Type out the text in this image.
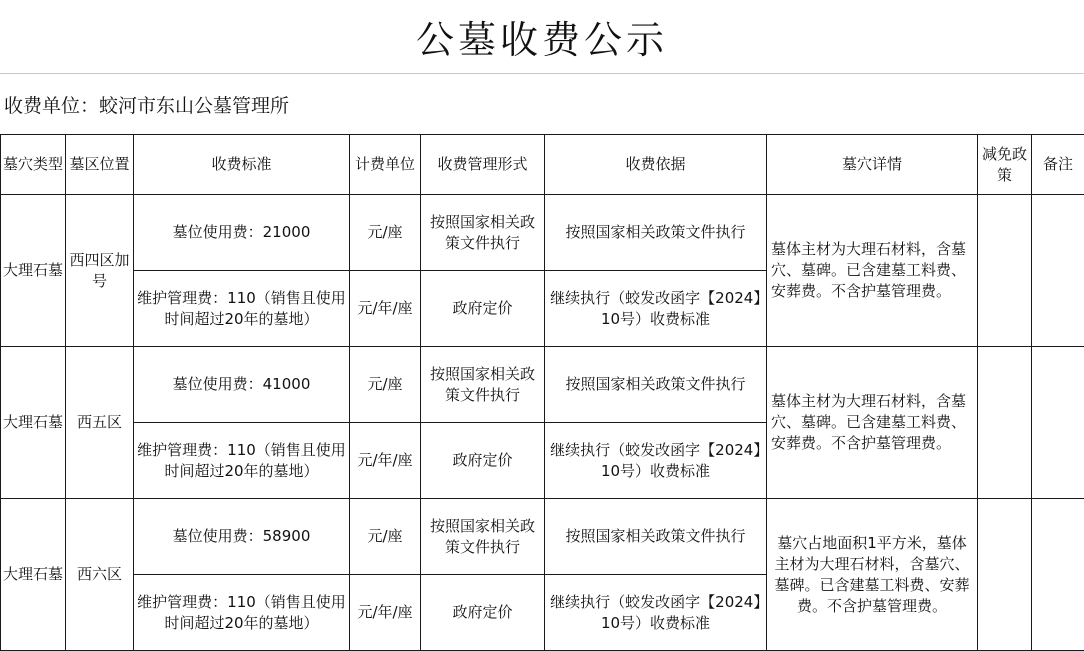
公墓收费公示
收费单位：蛟河市东山公墓管理所
墓穴类型	墓区位置	收费标准	计费单位	收费管理形式	收费依据	墓穴详情	减免政策	备注
大理石墓	西四区加号	墓位使用费：21000	元/座	按照国家相关政策文件执行	按照国家相关政策文件执行	墓体主材为大理石材料，含墓穴、墓碑。已含建墓工料费、安葬费。不含护墓管理费。		
		维护管理费：110（销售且使用时间超过20年的墓地）	元/年/座	政府定价	继续执行（蛟发改函字【2024】10号）收费标准			
大理石墓	西五区	墓位使用费：41000	元/座	按照国家相关政策文件执行	按照国家相关政策文件执行	墓体主材为大理石材料，含墓穴、墓碑。已含建墓工料费、安葬费。不含护墓管理费。		
		维护管理费：110（销售且使用时间超过20年的墓地）	元/年/座	政府定价	继续执行（蛟发改函字【2024】10号）收费标准			
大理石墓	西六区	墓位使用费：58900	元/座	按照国家相关政策文件执行	按照国家相关政策文件执行	墓穴占地面积1平方米，墓体主材为大理石材料，含墓穴、墓碑。已含建墓工料费、安葬费。不含护墓管理费。		
		维护管理费：110（销售且使用时间超过20年的墓地）	元/年/座	政府定价	继续执行（蛟发改函字【2024】10号）收费标准			
